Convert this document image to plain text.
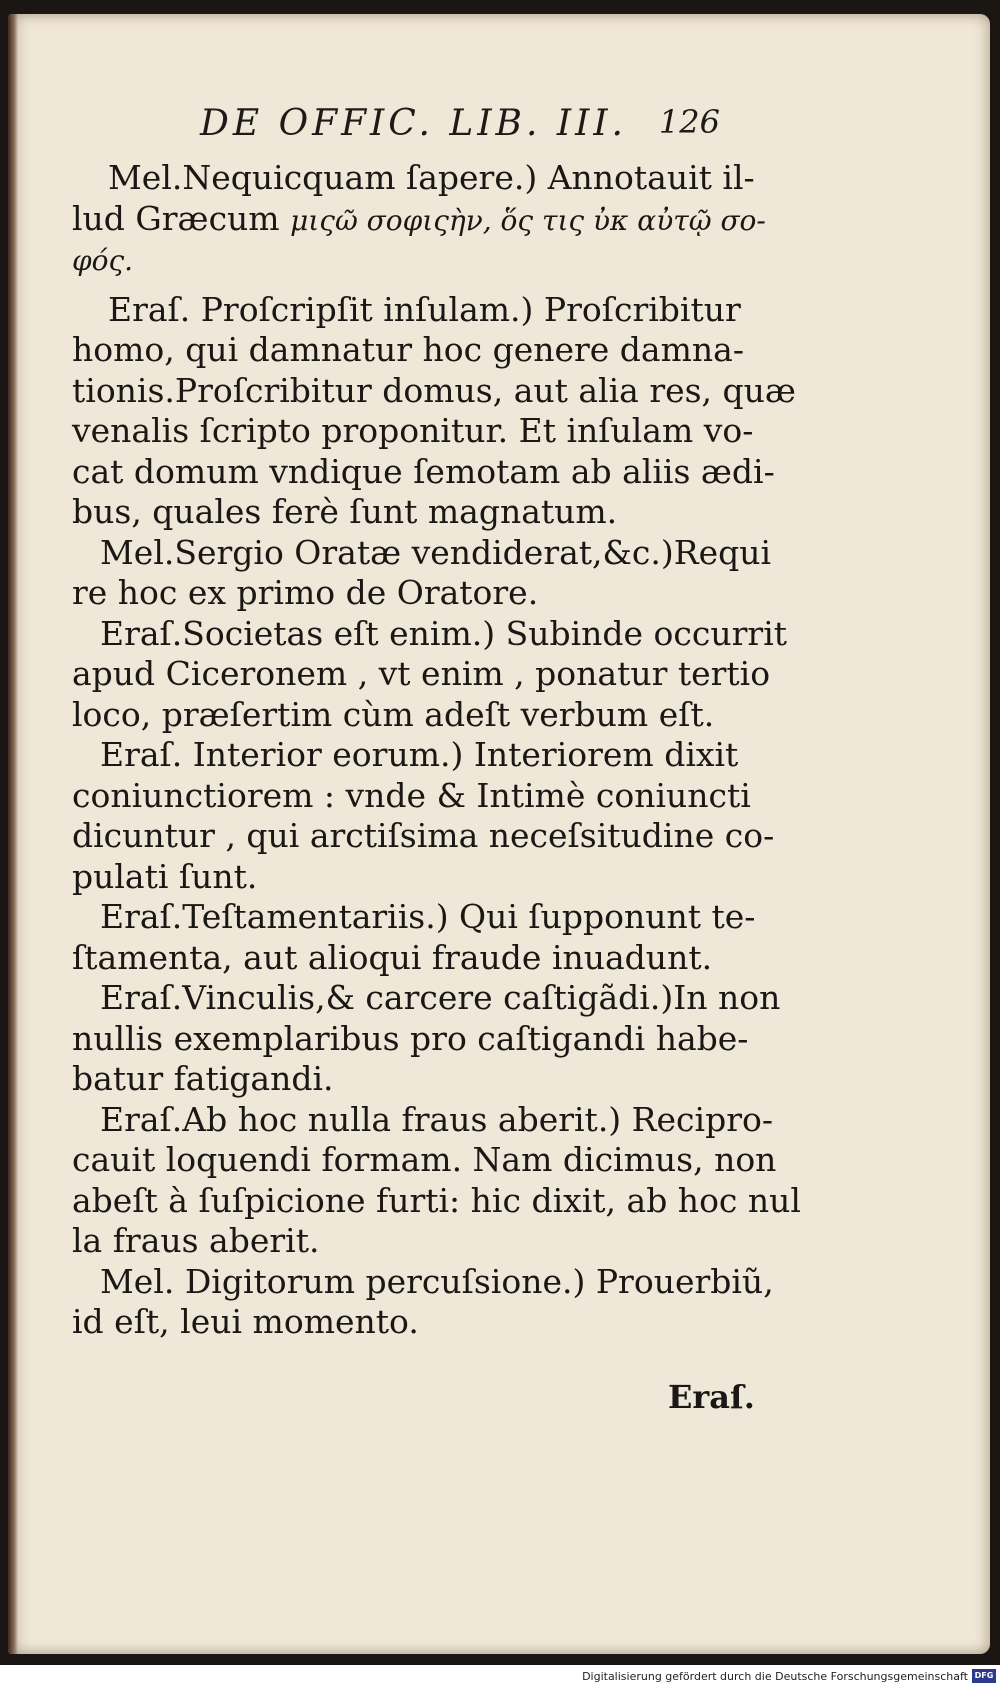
DE OFFIC. LIB. III. 126

Mel.Nequicquam ſapere.) Annotauit il-
lud Græcum μιςῶ σοφιςὴν, ὅς τις ὐκ αὐτῷ σο-
φός.

Eraſ. Proſcripſit inſulam.) Proſcribitur
homo, qui damnatur hoc genere damna-
tionis.Proſcribitur domus, aut alia res, quæ
venalis ſcripto proponitur. Et inſulam vo-
cat domum vndique ſemotam ab aliis ædi-
bus, quales ferè ſunt magnatum.

Mel.Sergio Oratæ vendiderat,&c.)Requi
re hoc ex primo de Oratore.

Eraſ.Societas eſt enim.) Subinde occurrit
apud Ciceronem , vt enim , ponatur tertio
loco, præſertim cùm adeſt verbum eſt.

Eraſ. Interior eorum.) Interiorem dixit
coniunctiorem : vnde & Intimè coniuncti
dicuntur , qui arctiſsima neceſsitudine co-
pulati ſunt.

Eraſ.Teſtamentariis.) Qui ſupponunt te-
ſtamenta, aut alioqui fraude inuadunt.

Eraſ.Vinculis,& carcere caſtigãdi.)In non
nullis exemplaribus pro caſtigandi habe-
batur fatigandi.

Eraſ.Ab hoc nulla fraus aberit.) Recipro-
cauit loquendi formam. Nam dicimus, non
abeſt à ſuſpicione furti: hic dixit, ab hoc nul
la fraus aberit.

Mel. Digitorum percuſsione.) Prouerbiũ,
id eſt, leui momento.

Eraſ.
Digitalisierung gefördert durch die Deutsche Forschungsgemeinschaft DFG
